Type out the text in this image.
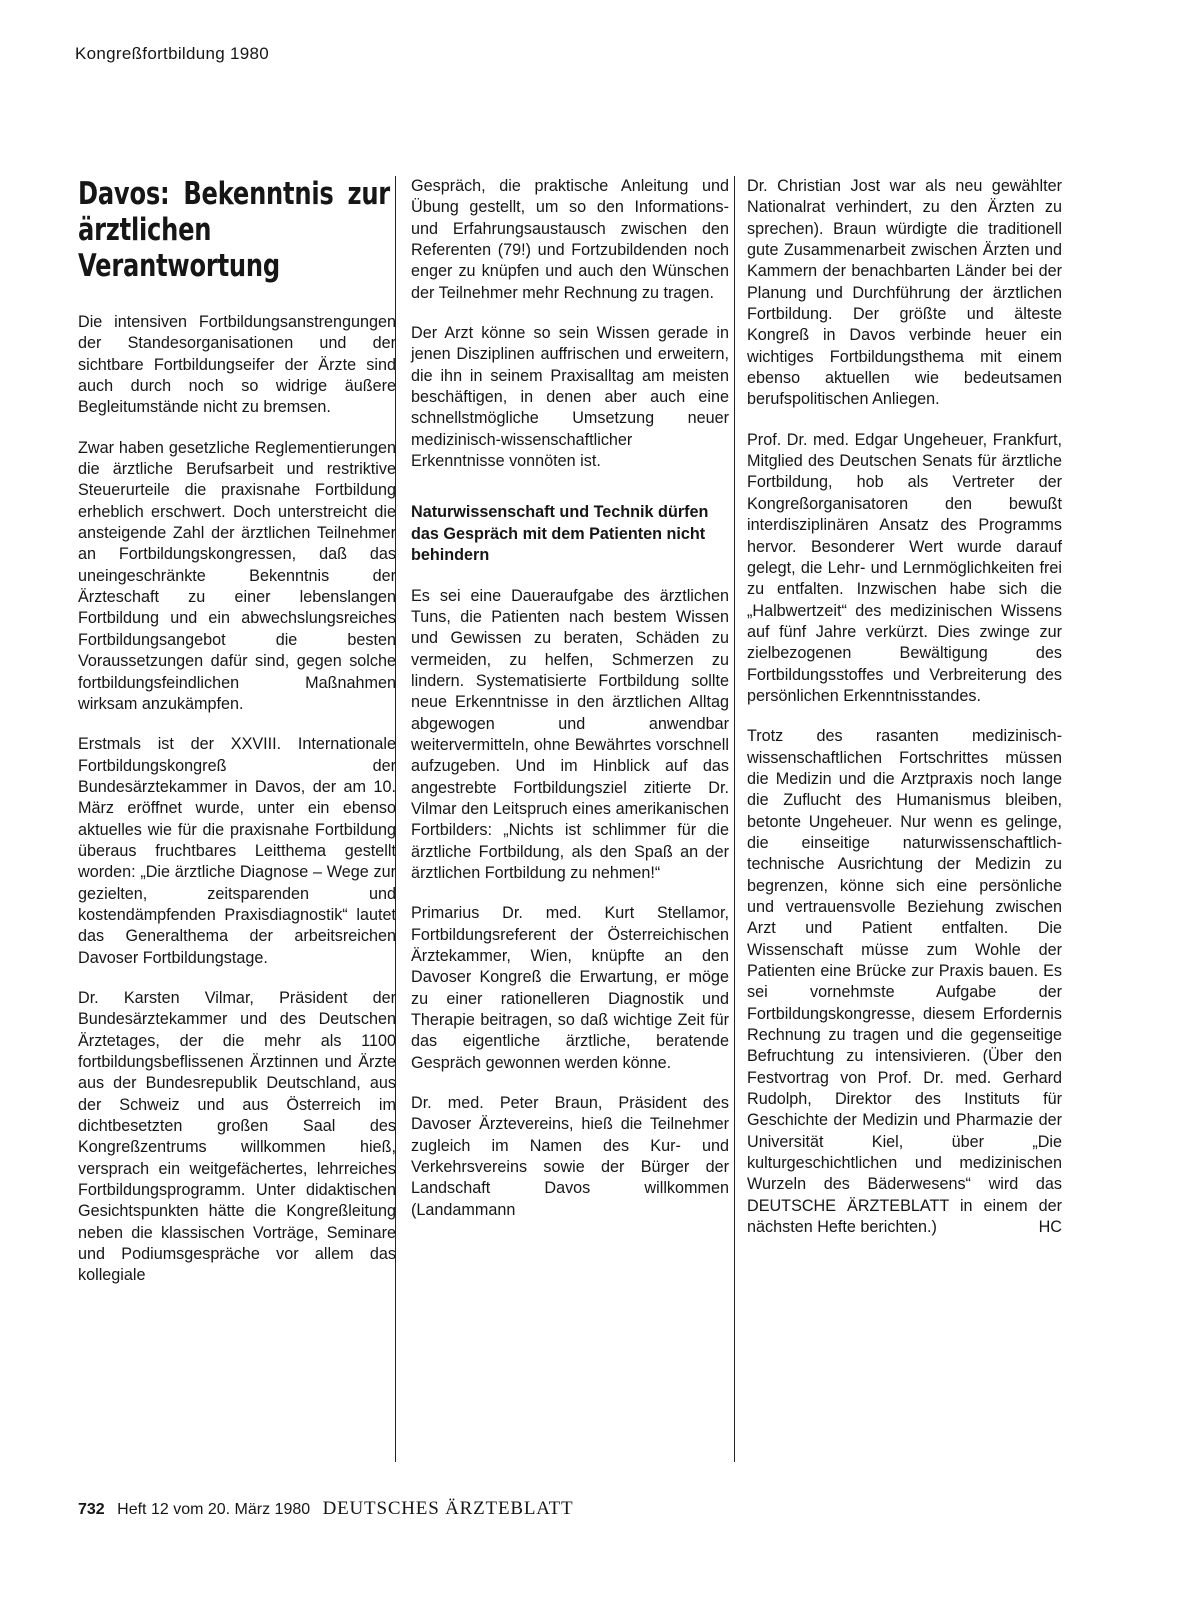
Kongreßfortbildung 1980
Davos: Bekenntnis zur ärztlichen Verantwortung

Die intensiven Fortbildungsanstrengungen der Standesorganisationen und der sichtbare Fortbildungseifer der Ärzte sind auch durch noch so widrige äußere Begleitumstände nicht zu bremsen.

Zwar haben gesetzliche Reglementierungen die ärztliche Berufsarbeit und restriktive Steuerurteile die praxisnahe Fortbildung erheblich erschwert. Doch unterstreicht die ansteigende Zahl der ärztlichen Teilnehmer an Fortbildungskongressen, daß das uneingeschränkte Bekenntnis der Ärzteschaft zu einer lebenslangen Fortbildung und ein abwechslungsreiches Fortbildungsangebot die besten Voraussetzungen dafür sind, gegen solche fortbildungsfeindlichen Maßnahmen wirksam anzukämpfen.

Erstmals ist der XXVIII. Internationale Fortbildungskongreß der Bundesärztekammer in Davos, der am 10. März eröffnet wurde, unter ein ebenso aktuelles wie für die praxisnahe Fortbildung überaus fruchtbares Leitthema gestellt worden: „Die ärztliche Diagnose – Wege zur gezielten, zeitsparenden und kostendämpfenden Praxisdiagnostik“ lautet das Generalthema der arbeitsreichen Davoser Fortbildungstage.

Dr. Karsten Vilmar, Präsident der Bundesärztekammer und des Deutschen Ärztetages, der die mehr als 1100 fortbildungsbeflissenen Ärztinnen und Ärzte aus der Bundesrepublik Deutschland, aus der Schweiz und aus Österreich im dichtbesetzten großen Saal des Kongreßzentrums willkommen hieß, versprach ein weitgefächertes, lehrreiches Fortbildungsprogramm. Unter didaktischen Gesichtspunkten hätte die Kongreßleitung neben die klassischen Vorträge, Seminare und Podiumsgespräche vor allem das kollegiale

Gespräch, die praktische Anleitung und Übung gestellt, um so den Informations- und Erfahrungsaustausch zwischen den Referenten (79!) und Fortzubildenden noch enger zu knüpfen und auch den Wünschen der Teilnehmer mehr Rechnung zu tragen.

Der Arzt könne so sein Wissen gerade in jenen Disziplinen auffrischen und erweitern, die ihn in seinem Praxisalltag am meisten beschäftigen, in denen aber auch eine schnellstmögliche Umsetzung neuer medizinisch-wissenschaftlicher Erkenntnisse vonnöten ist.

Naturwissenschaft und Technik dürfen das Gespräch mit dem Patienten nicht behindern

Es sei eine Daueraufgabe des ärztlichen Tuns, die Patienten nach bestem Wissen und Gewissen zu beraten, Schäden zu vermeiden, zu helfen, Schmerzen zu lindern. Systematisierte Fortbildung sollte neue Erkenntnisse in den ärztlichen Alltag abgewogen und anwendbar weitervermitteln, ohne Bewährtes vorschnell aufzugeben. Und im Hinblick auf das angestrebte Fortbildungsziel zitierte Dr. Vilmar den Leitspruch eines amerikanischen Fortbilders: „Nichts ist schlimmer für die ärztliche Fortbildung, als den Spaß an der ärztlichen Fortbildung zu nehmen!“

Primarius Dr. med. Kurt Stellamor, Fortbildungsreferent der Österreichischen Ärztekammer, Wien, knüpfte an den Davoser Kongreß die Erwartung, er möge zu einer rationelleren Diagnostik und Therapie beitragen, so daß wichtige Zeit für das eigentliche ärztliche, beratende Gespräch gewonnen werden könne.

Dr. med. Peter Braun, Präsident des Davoser Ärztevereins, hieß die Teilnehmer zugleich im Namen des Kur- und Verkehrsvereins sowie der Bürger der Landschaft Davos willkommen (Landammann

Dr. Christian Jost war als neu gewählter Nationalrat verhindert, zu den Ärzten zu sprechen). Braun würdigte die traditionell gute Zusammenarbeit zwischen Ärzten und Kammern der benachbarten Länder bei der Planung und Durchführung der ärztlichen Fortbildung. Der größte und älteste Kongreß in Davos verbinde heuer ein wichtiges Fortbildungsthema mit einem ebenso aktuellen wie bedeutsamen berufspolitischen Anliegen.

Prof. Dr. med. Edgar Ungeheuer, Frankfurt, Mitglied des Deutschen Senats für ärztliche Fortbildung, hob als Vertreter der Kongreßorganisatoren den bewußt interdisziplinären Ansatz des Programms hervor. Besonderer Wert wurde darauf gelegt, die Lehr- und Lernmöglichkeiten frei zu entfalten. Inzwischen habe sich die „Halbwertzeit“ des medizinischen Wissens auf fünf Jahre verkürzt. Dies zwinge zur zielbezogenen Bewältigung des Fortbildungsstoffes und Verbreiterung des persönlichen Erkenntnisstandes.

Trotz des rasanten medizinisch-wissenschaftlichen Fortschrittes müssen die Medizin und die Arztpraxis noch lange die Zuflucht des Humanismus bleiben, betonte Ungeheuer. Nur wenn es gelinge, die einseitige naturwissenschaftlich-technische Ausrichtung der Medizin zu begrenzen, könne sich eine persönliche und vertrauensvolle Beziehung zwischen Arzt und Patient entfalten. Die Wissenschaft müsse zum Wohle der Patienten eine Brücke zur Praxis bauen. Es sei vornehmste Aufgabe der Fortbildungskongresse, diesem Erfordernis Rechnung zu tragen und die gegenseitige Befruchtung zu intensivieren. (Über den Festvortrag von Prof. Dr. med. Gerhard Rudolph, Direktor des Instituts für Geschichte der Medizin und Pharmazie der Universität Kiel, über „Die kulturgeschichtlichen und medizinischen Wurzeln des Bäderwesens“ wird das DEUTSCHE ÄRZTEBLATT in einem der nächsten Hefte berichten.)	HC

732 Heft 12 vom 20. März 1980 DEUTSCHES ÄRZTEBLATT
